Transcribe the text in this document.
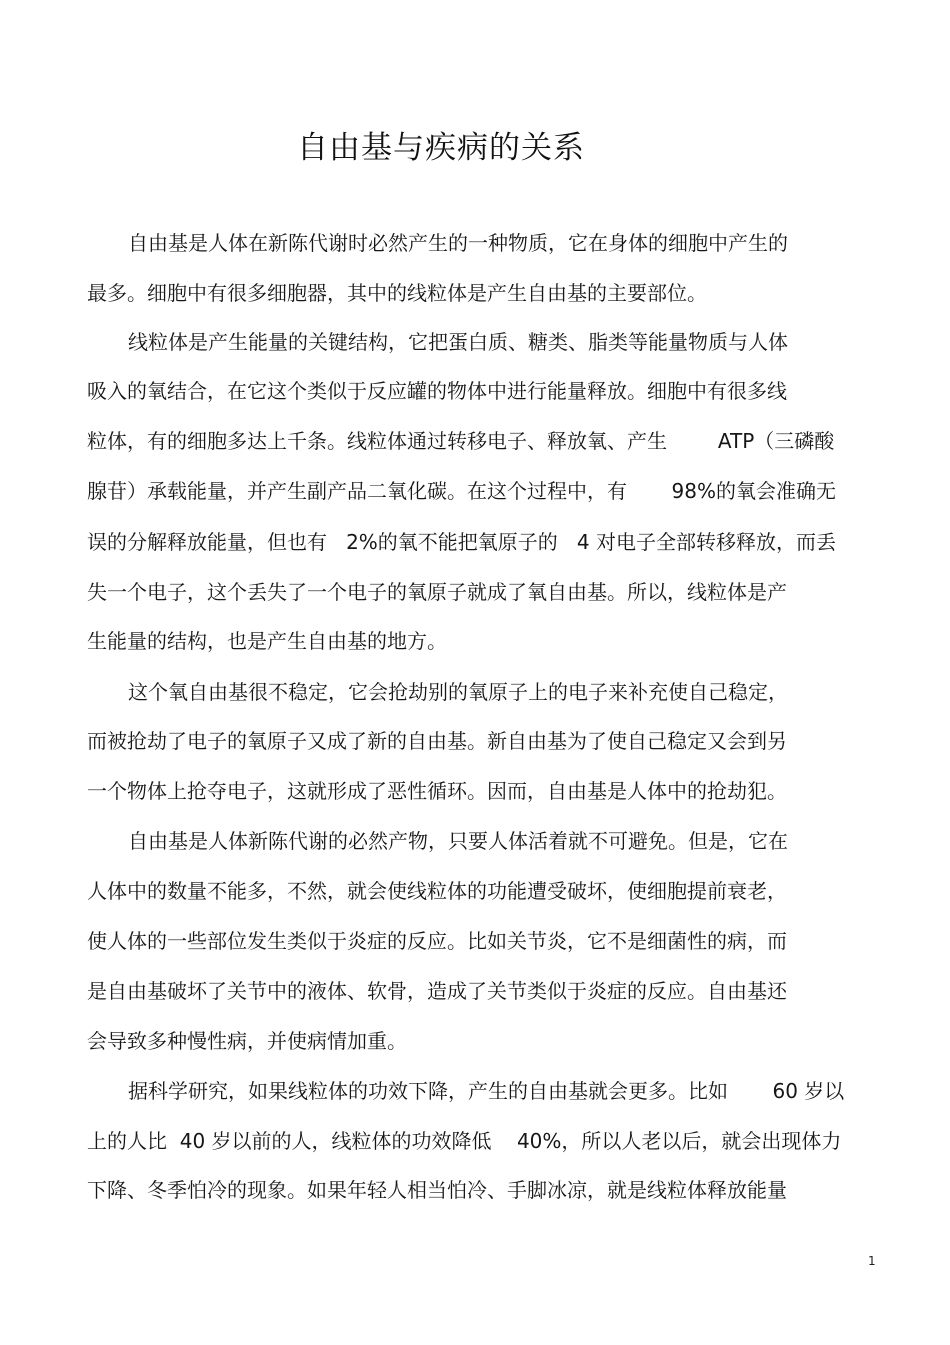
自由基与疾病的关系
自由基是人体在新陈代谢时必然产生的一种物质，它在身体的细胞中产生的
最多。细胞中有很多细胞器，其中的线粒体是产生自由基的主要部位。
线粒体是产生能量的关键结构，它把蛋白质、糖类、脂类等能量物质与人体
吸入的氧结合，在它这个类似于反应罐的物体中进行能量释放。细胞中有很多线
粒体，有的细胞多达上千条。线粒体通过转移电子、释放氧、产生        ATP（三磷酸
腺苷）承载能量，并产生副产品二氧化碳。在这个过程中，有       98%的氧会准确无
误的分解释放能量，但也有   2%的氧不能把氧原子的   4 对电子全部转移释放，而丢
失一个电子，这个丢失了一个电子的氧原子就成了氧自由基。所以，线粒体是产
生能量的结构，也是产生自由基的地方。
这个氧自由基很不稳定，它会抢劫别的氧原子上的电子来补充使自己稳定，
而被抢劫了电子的氧原子又成了新的自由基。新自由基为了使自己稳定又会到另
一个物体上抢夺电子，这就形成了恶性循环。因而，自由基是人体中的抢劫犯。
自由基是人体新陈代谢的必然产物，只要人体活着就不可避免。但是，它在
人体中的数量不能多，不然，就会使线粒体的功能遭受破坏，使细胞提前衰老，
使人体的一些部位发生类似于炎症的反应。比如关节炎，它不是细菌性的病，而
是自由基破坏了关节中的液体、软骨，造成了关节类似于炎症的反应。自由基还
会导致多种慢性病，并使病情加重。
据科学研究，如果线粒体的功效下降，产生的自由基就会更多。比如       60 岁以
上的人比  40 岁以前的人，线粒体的功效降低    40%，所以人老以后，就会出现体力
下降、冬季怕冷的现象。如果年轻人相当怕冷、手脚冰凉，就是线粒体释放能量
1
